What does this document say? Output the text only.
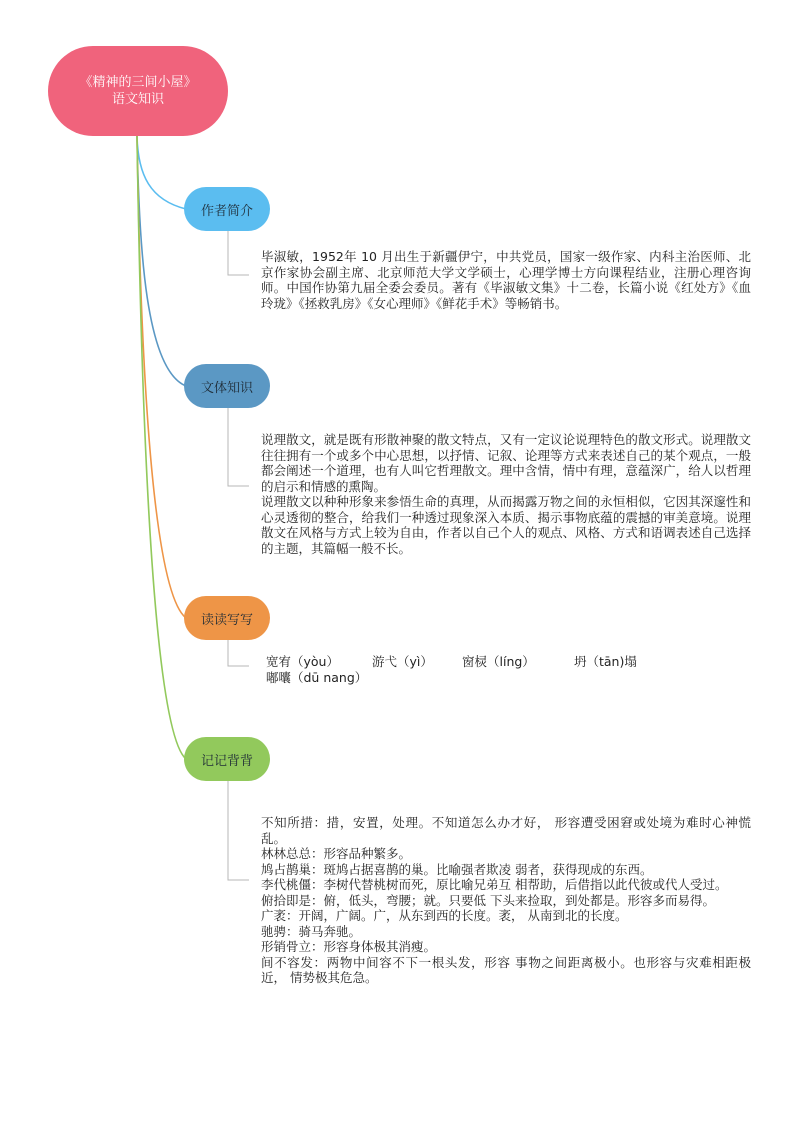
《精神的三间小屋》
语文知识
作者简介

毕淑敏，1952年 10 月出生于新疆伊宁，中共党员，国家一级作家、内科主治医师、北京作家协会副主席、北京师范大学文学硕士，心理学博士方向课程结业，注册心理咨询师。中国作协第九届全委会委员。著有《毕淑敏文集》十二卷，长篇小说《红处方》《血玲珑》《拯救乳房》《女心理师》《鲜花手术》等畅销书。

文体知识

说理散文，就是既有形散神聚的散文特点，又有一定议论说理特色的散文形式。说理散文往往拥有一个或多个中心思想，以抒情、记叙、论理等方式来表述自己的某个观点，一般都会阐述一个道理，也有人叫它哲理散文。理中含情，情中有理，意蕴深广，给人以哲理的启示和情感的熏陶。

说理散文以种种形象来参悟生命的真理，从而揭露万物之间的永恒相似，它因其深邃性和心灵透彻的整合，给我们一种透过现象深入本质、揭示事物底蕴的震撼的审美意境。说理散文在风格与方式上较为自由，作者以自己个人的观点、风格、方式和语调表述自己选择的主题，其篇幅一般不长。

读读写写
宽宥（yòu）	游弋（yì） 窗棂（líng）	坍（tān)塌
嘟囔（dū nang）
记记背背

不知所措：措，安置，处理。不知道怎么办才好， 形容遭受困窘或处境为难时心神慌乱。

林林总总：形容品种繁多。

鸠占鹊巢：斑鸠占据喜鹊的巢。比喻强者欺凌 弱者，获得现成的东西。

李代桃僵：李树代替桃树而死，原比喻兄弟互 相帮助，后借指以此代彼或代人受过。

俯拾即是：俯，低头，弯腰；就。只要低 下头来捡取，到处都是。形容多而易得。

广袤：开阔，广阔。广，从东到西的长度。袤， 从南到北的长度。

驰骋：骑马奔驰。

形销骨立：形容身体极其消瘦。

间不容发：两物中间容不下一根头发，形容 事物之间距离极小。也形容与灾难相距极近， 情势极其危急。
